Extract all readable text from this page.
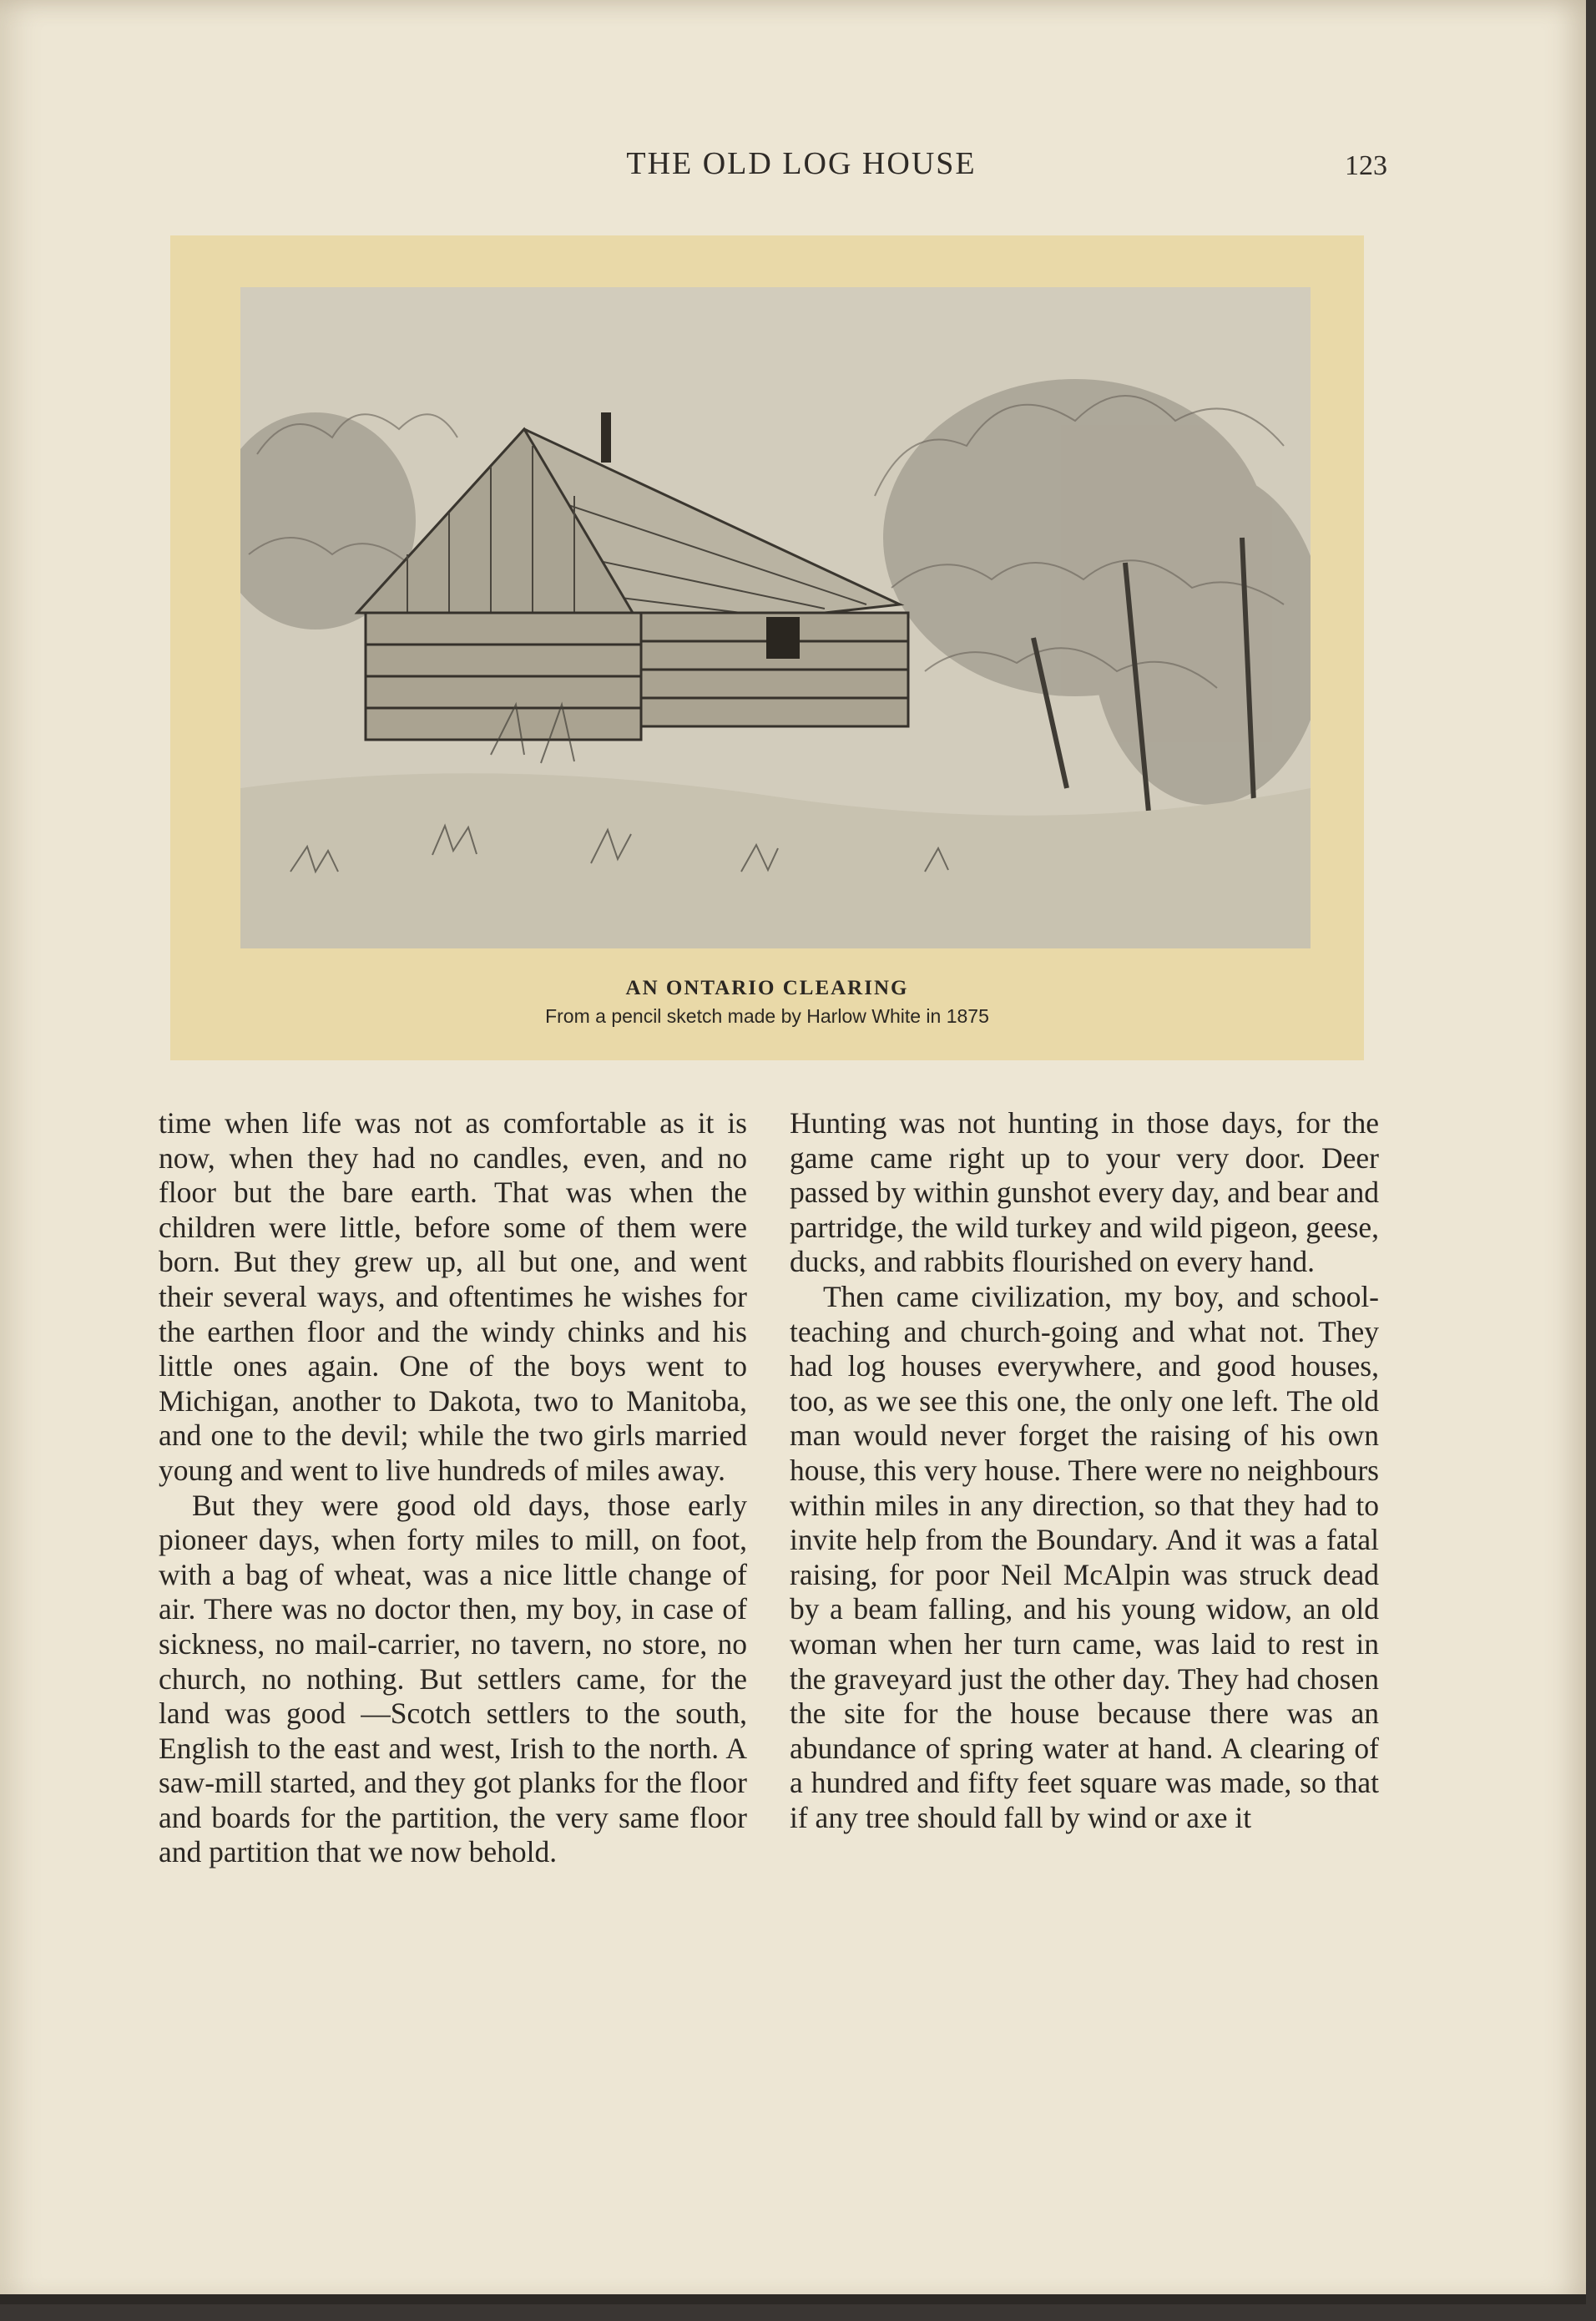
THE OLD LOG HOUSE	123
AN ONTARIO CLEARING
From a pencil sketch made by Harlow White in 1875

time when life was not as comfortable as it is now, when they had no candles, even, and no floor but the bare earth. That was when the children were little, before some of them were born. But they grew up, all but one, and went their several ways, and oftentimes he wishes for the earthen floor and the windy chinks and his little ones again. One of the boys went to Michigan, another to Dakota, two to Manitoba, and one to the devil; while the two girls married young and went to live hundreds of miles away.

But they were good old days, those early pioneer days, when forty miles to mill, on foot, with a bag of wheat, was a nice little change of air. There was no doctor then, my boy, in case of sickness, no mail-carrier, no tavern, no store, no church, no nothing. But settlers came, for the land was good —Scotch settlers to the south, English to the east and west, Irish to the north. A saw-mill started, and they got planks for the floor and boards for the partition, the very same floor and partition that we now behold.

Hunting was not hunting in those days, for the game came right up to your very door. Deer passed by within gunshot every day, and bear and partridge, the wild turkey and wild pigeon, geese, ducks, and rabbits flourished on every hand.

Then came civilization, my boy, and school-teaching and church-going and what not. They had log houses everywhere, and good houses, too, as we see this one, the only one left. The old man would never forget the raising of his own house, this very house. There were no neighbours within miles in any direction, so that they had to invite help from the Boundary. And it was a fatal raising, for poor Neil McAlpin was struck dead by a beam falling, and his young widow, an old woman when her turn came, was laid to rest in the graveyard just the other day. They had chosen the site for the house because there was an abundance of spring water at hand. A clearing of a hundred and fifty feet square was made, so that if any tree should fall by wind or axe it
